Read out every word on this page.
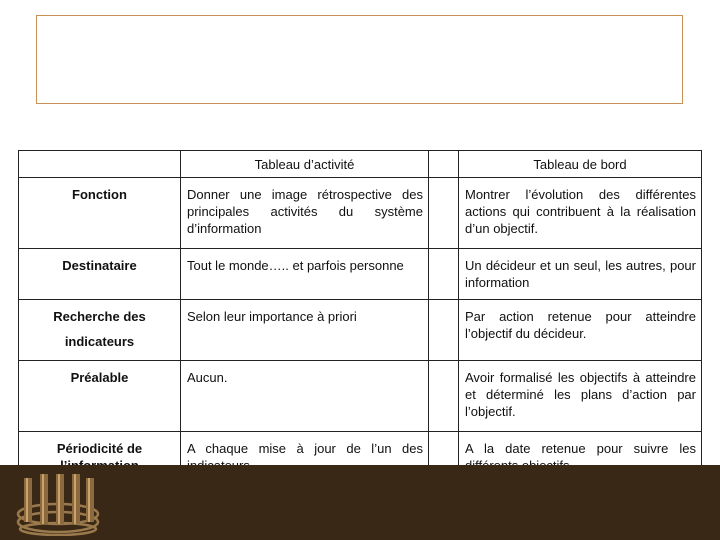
	Tableau d’activité		Tableau de bord
Fonction	Donner une image rétrospective des principales activités du système d’information		Montrer l’évolution des différentes actions qui contribuent à la réalisation d’un objectif.
Destinataire	Tout le monde….. et parfois personne		Un décideur et un seul, les autres, pour information
Recherche des indicateurs	Selon leur importance à priori		Par action retenue pour atteindre l’objectif du décideur.
Préalable	Aucun.		Avoir formalisé les objectifs à atteindre et déterminé les plans d’action par l’objectif.
Périodicité de	A chaque mise à jour de l’un des		A la date retenue pour suivre les
